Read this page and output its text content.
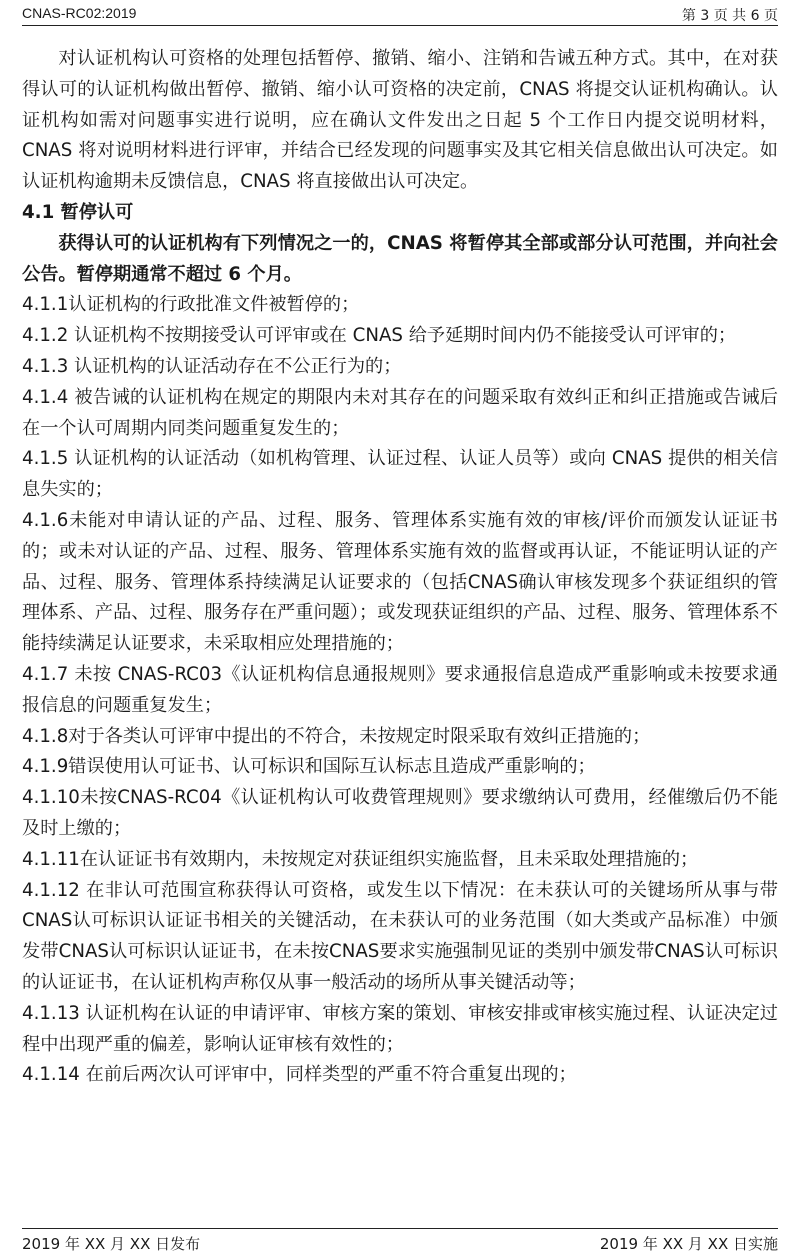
CNAS-RC02:2019	第 3 页 共 6 页

对认证机构认可资格的处理包括暂停、撤销、缩小、注销和告诫五种方式。其中，在对获得认可的认证机构做出暂停、撤销、缩小认可资格的决定前，CNAS 将提交认证机构确认。认证机构如需对问题事实进行说明，应在确认文件发出之日起 5 个工作日内提交说明材料，CNAS 将对说明材料进行评审，并结合已经发现的问题事实及其它相关信息做出认可决定。如认证机构逾期未反馈信息，CNAS 将直接做出认可决定。

4.1 暂停认可

获得认可的认证机构有下列情况之一的，CNAS 将暂停其全部或部分认可范围，并向社会公告。暂停期通常不超过 6 个月。

4.1.1认证机构的行政批准文件被暂停的；

4.1.2 认证机构不按期接受认可评审或在 CNAS 给予延期时间内仍不能接受认可评审的；

4.1.3 认证机构的认证活动存在不公正行为的；

4.1.4 被告诫的认证机构在规定的期限内未对其存在的问题采取有效纠正和纠正措施或告诫后在一个认可周期内同类问题重复发生的；

4.1.5 认证机构的认证活动（如机构管理、认证过程、认证人员等）或向 CNAS 提供的相关信息失实的；

4.1.6未能对申请认证的产品、过程、服务、管理体系实施有效的审核/评价而颁发认证证书的；或未对认证的产品、过程、服务、管理体系实施有效的监督或再认证，不能证明认证的产品、过程、服务、管理体系持续满足认证要求的（包括CNAS确认审核发现多个获证组织的管理体系、产品、过程、服务存在严重问题）；或发现获证组织的产品、过程、服务、管理体系不能持续满足认证要求，未采取相应处理措施的；

4.1.7 未按 CNAS-RC03《认证机构信息通报规则》要求通报信息造成严重影响或未按要求通报信息的问题重复发生；

4.1.8对于各类认可评审中提出的不符合，未按规定时限采取有效纠正措施的；

4.1.9错误使用认可证书、认可标识和国际互认标志且造成严重影响的；

4.1.10未按CNAS-RC04《认证机构认可收费管理规则》要求缴纳认可费用，经催缴后仍不能及时上缴的；

4.1.11在认证证书有效期内，未按规定对获证组织实施监督，且未采取处理措施的；

4.1.12 在非认可范围宣称获得认可资格，或发生以下情况：在未获认可的关键场所从事与带CNAS认可标识认证证书相关的关键活动，在未获认可的业务范围（如大类或产品标准）中颁发带CNAS认可标识认证证书，在未按CNAS要求实施强制见证的类别中颁发带CNAS认可标识的认证证书，在认证机构声称仅从事一般活动的场所从事关键活动等；

4.1.13 认证机构在认证的申请评审、审核方案的策划、审核安排或审核实施过程、认证决定过程中出现严重的偏差，影响认证审核有效性的；

4.1.14 在前后两次认可评审中，同样类型的严重不符合重复出现的；

2019 年 XX 月 XX 日发布	2019 年 XX 月 XX 日实施
